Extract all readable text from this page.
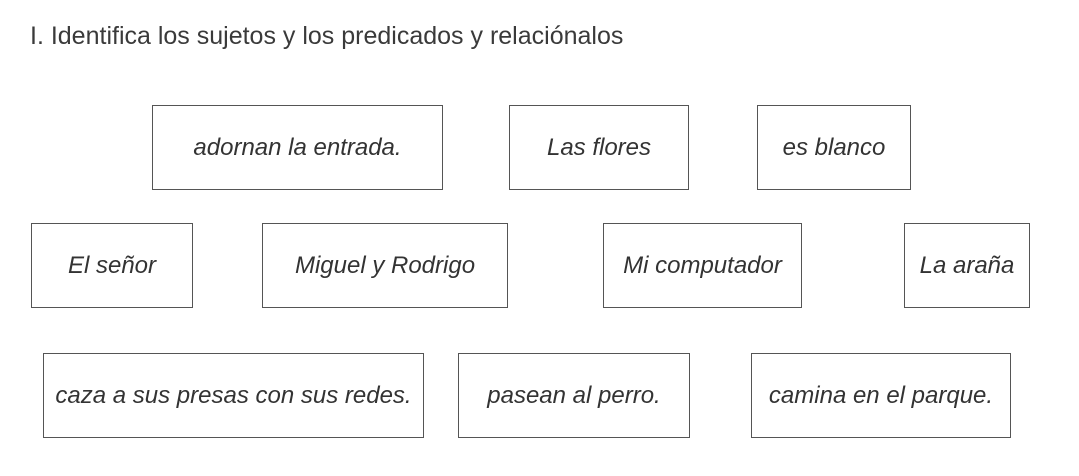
I. Identifica los sujetos y los predicados y relaciónalos
adornan la entrada.	Las flores	es blanco
El señor	Miguel y Rodrigo	Mi computador	La araña
caza a sus presas con sus redes.	pasean al perro.	camina en el parque.
